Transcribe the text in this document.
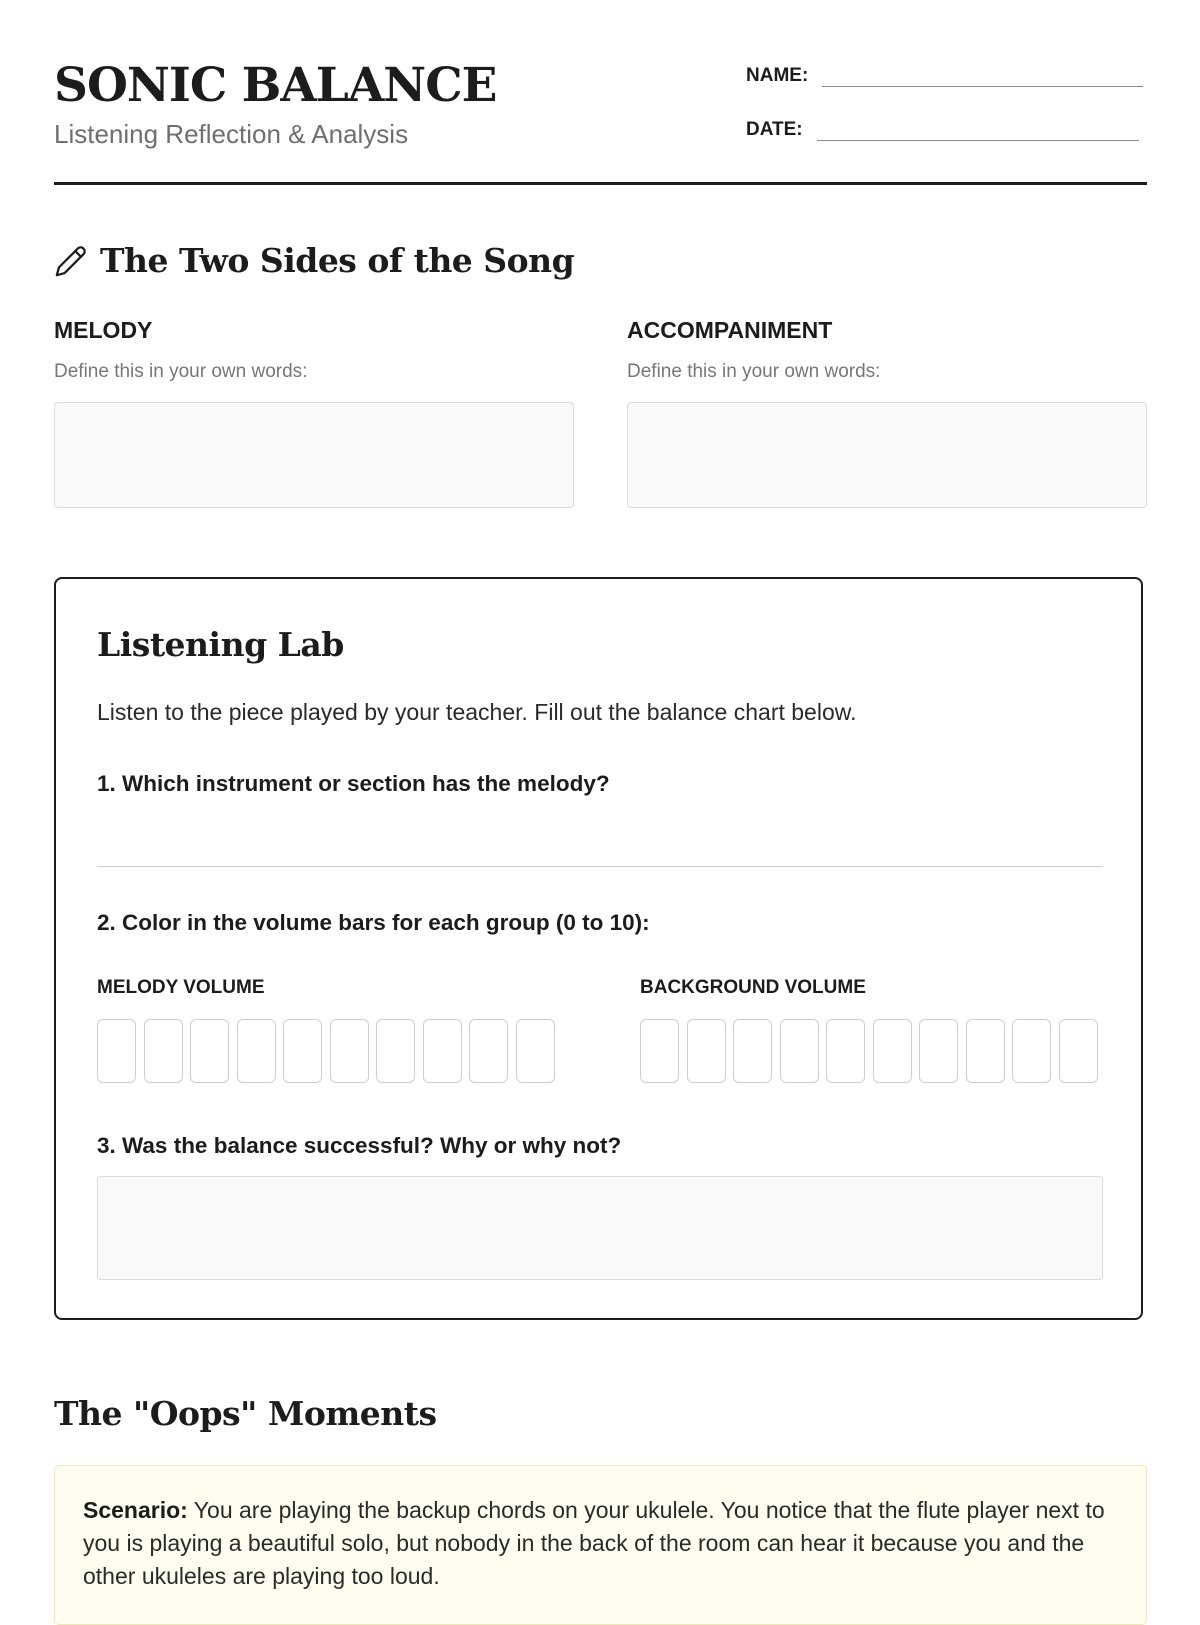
SONIC BALANCE
Listening Reflection & Analysis
NAME:
DATE:
The Two Sides of the Song
MELODY
Define this in your own words:
ACCOMPANIMENT
Define this in your own words:
Listening Lab
Listen to the piece played by your teacher. Fill out the balance chart below.
1. Which instrument or section has the melody?
2. Color in the volume bars for each group (0 to 10):
MELODY VOLUME	BACKGROUND VOLUME
3. Was the balance successful? Why or why not?
The "Oops" Moments
Scenario: You are playing the backup chords on your ukulele. You notice that the flute player next to you is playing a beautiful solo, but nobody in the back of the room can hear it because you and the other ukuleles are playing too loud.
